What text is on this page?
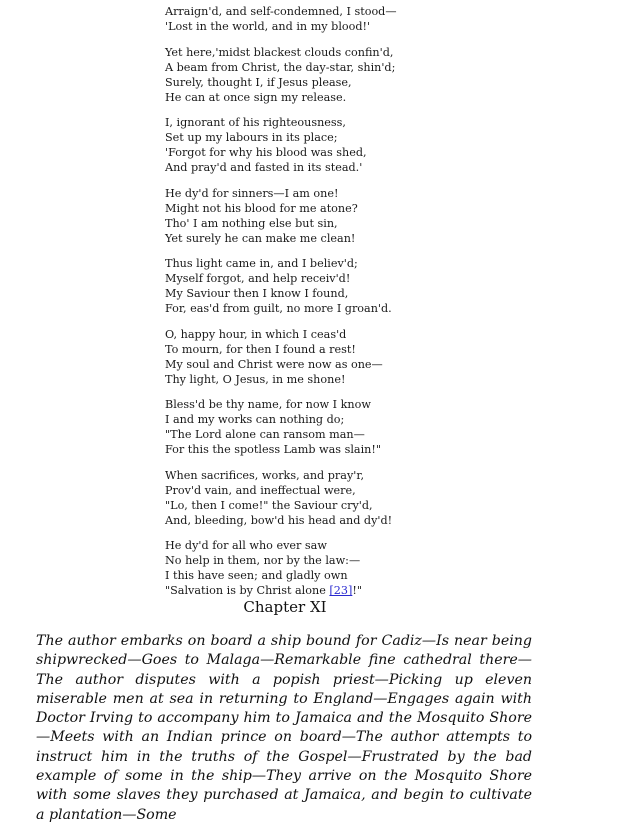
Arraign'd, and self-condemned, I stood—
'Lost in the world, and in my blood!'
Yet here,'midst blackest clouds confin'd,
A beam from Christ, the day-star, shin'd;
Surely, thought I, if Jesus please,
He can at once sign my release.
I, ignorant of his righteousness,
Set up my labours in its place;
'Forgot for why his blood was shed,
And pray'd and fasted in its stead.'
He dy'd for sinners—I am one!
Might not his blood for me atone?
Tho' I am nothing else but sin,
Yet surely he can make me clean!
Thus light came in, and I believ'd;
Myself forgot, and help receiv'd!
My Saviour then I know I found,
For, eas'd from guilt, no more I groan'd.
O, happy hour, in which I ceas'd
To mourn, for then I found a rest!
My soul and Christ were now as one—
Thy light, O Jesus, in me shone!
Bless'd be thy name, for now I know
I and my works can nothing do;
"The Lord alone can ransom man—
For this the spotless Lamb was slain!"
When sacrifices, works, and pray'r,
Prov'd vain, and ineffectual were,
"Lo, then I come!" the Saviour cry'd,
And, bleeding, bow'd his head and dy'd!
He dy'd for all who ever saw
No help in them, nor by the law:—
I this have seen; and gladly own
"Salvation is by Christ alone [23]!"
Chapter XI
The author embarks on board a ship bound for Cadiz—Is near being shipwrecked—Goes to Malaga—Remarkable fine cathedral there—The author disputes with a popish priest—Picking up eleven miserable men at sea in returning to England—Engages again with Doctor Irving to accompany him to Jamaica and the Mosquito Shore—Meets with an Indian prince on board—The author attempts to instruct him in the truths of the Gospel—Frustrated by the bad example of some in the ship—They arrive on the Mosquito Shore with some slaves they purchased at Jamaica, and begin to cultivate a plantation—Some
